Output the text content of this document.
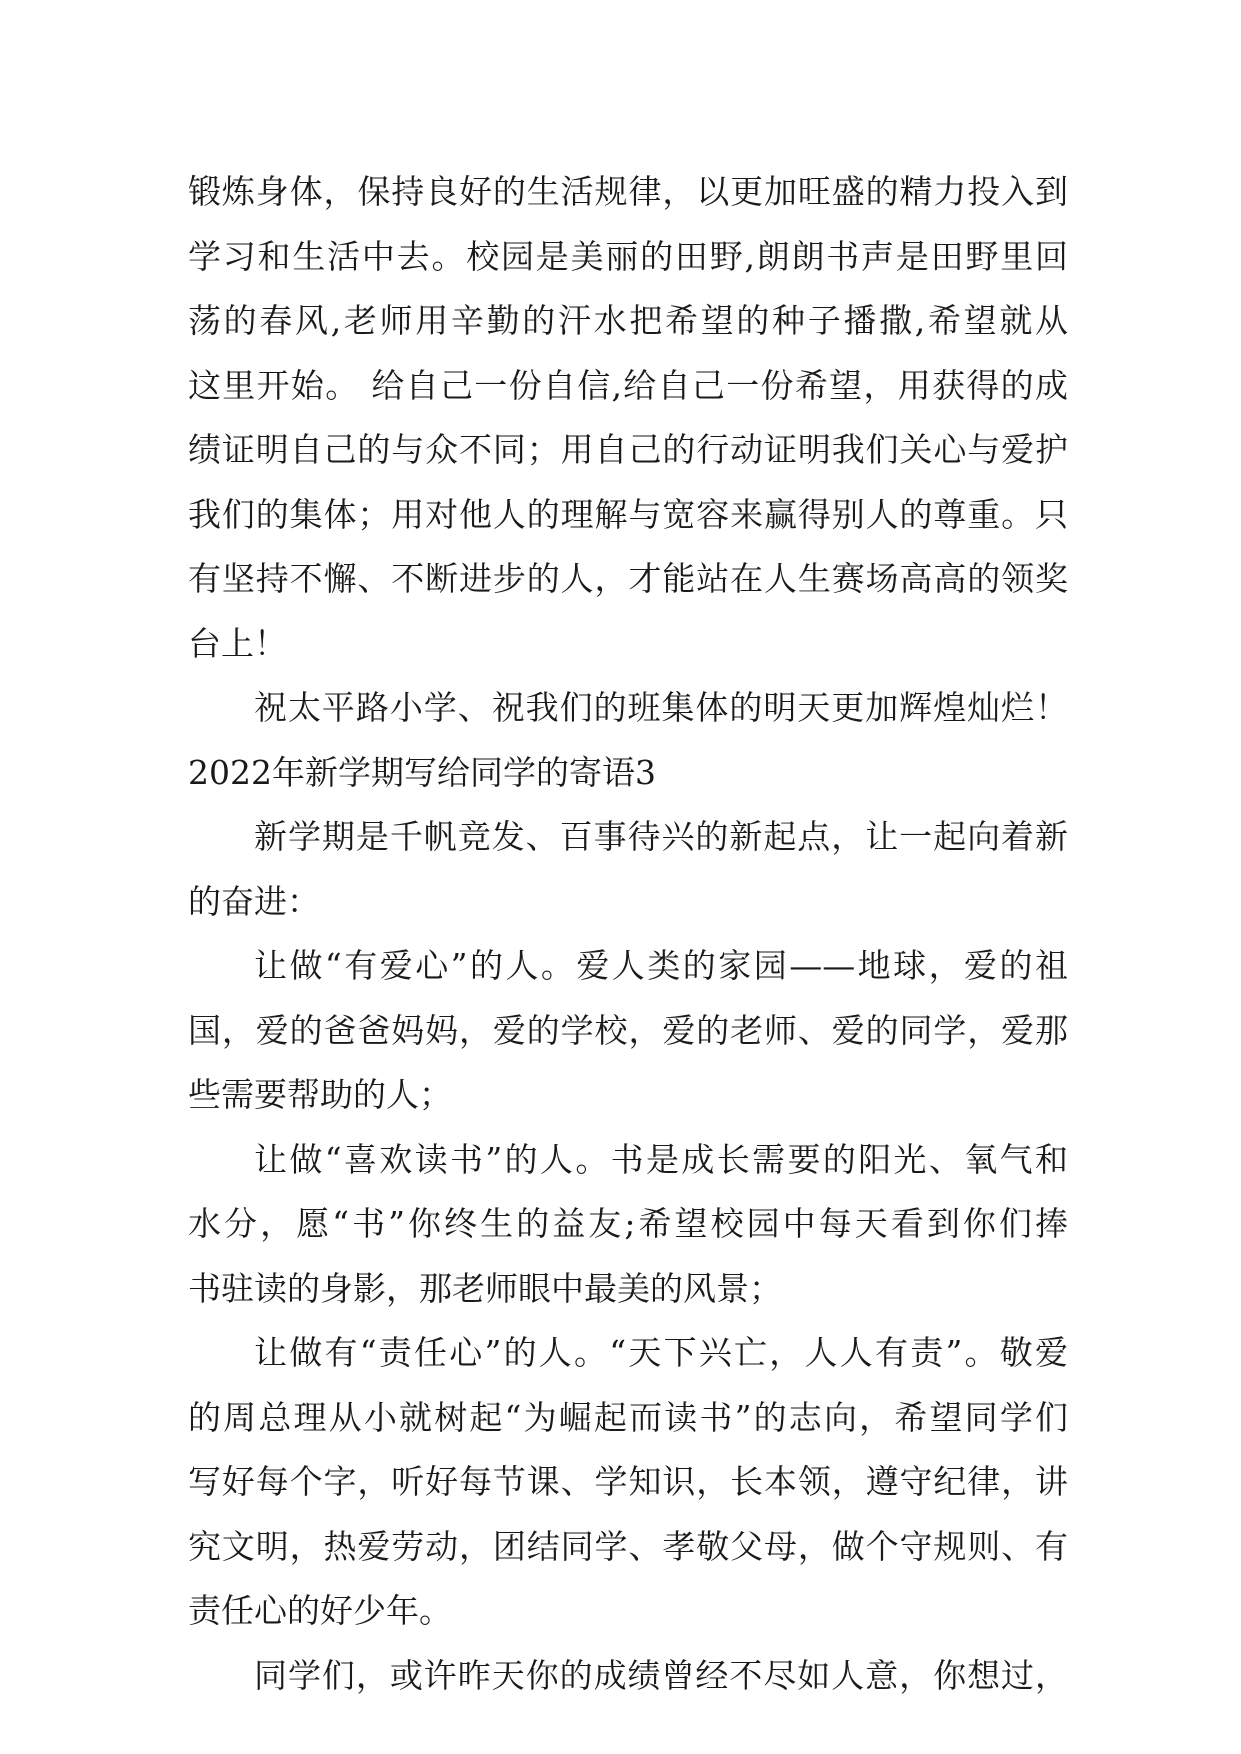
锻炼身体，保持良好的生活规律，以更加旺盛的精力投入到
学习和生活中去。校园是美丽的田野,朗朗书声是田野里回
荡的春风,老师用辛勤的汗水把希望的种子播撒,希望就从
这里开始。 给自己一份自信,给自己一份希望，用获得的成
绩证明自己的与众不同；用自己的行动证明我们关心与爱护
我们的集体；用对他人的理解与宽容来赢得别人的尊重。只
有坚持不懈、不断进步的人，才能站在人生赛场高高的领奖
台上！
祝太平路小学、祝我们的班集体的明天更加辉煌灿烂！
2022年新学期写给同学的寄语3
新学期是千帆竞发、百事待兴的新起点，让一起向着新
的奋进：
让做“有爱心”的人。爱人类的家园——地球，爱的祖
国，爱的爸爸妈妈，爱的学校，爱的老师、爱的同学，爱那
些需要帮助的人；
让做“喜欢读书”的人。书是成长需要的阳光、氧气和
水分，愿“书”你终生的益友;希望校园中每天看到你们捧
书驻读的身影，那老师眼中最美的风景；
让做有“责任心”的人。“天下兴亡，人人有责”。敬爱
的周总理从小就树起“为崛起而读书”的志向，希望同学们
写好每个字，听好每节课、学知识，长本领，遵守纪律，讲
究文明，热爱劳动，团结同学、孝敬父母，做个守规则、有
责任心的好少年。
同学们，或许昨天你的成绩曾经不尽如人意，你想过，
